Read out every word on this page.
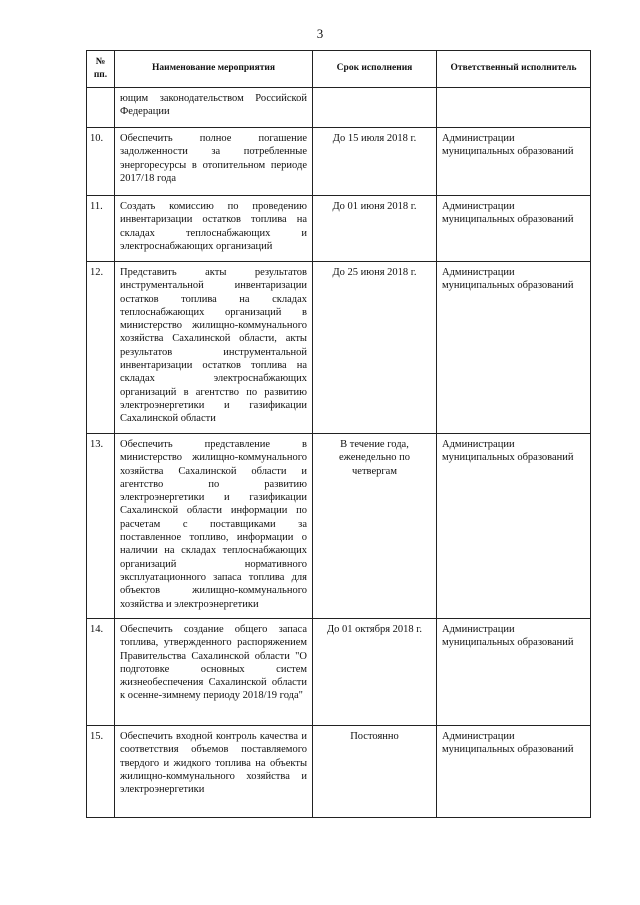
3
№ пп.	Наименование мероприятия	Срок исполнения	Ответственный исполнитель
	ющим законодательством Российской Федерации		
10.	Обеспечить полное погашение задолженности за потребленные энергоресурсы в отопительном периоде 2017/18 года	До 15 июля 2018 г.	Администрации муниципальных образований
11.	Создать комиссию по проведению инвентаризации остатков топлива на складах теплоснабжающих и электроснабжающих организаций	До 01 июня 2018 г.	Администрации муниципальных образований
12.	Представить акты результатов инструментальной инвентаризации остатков топлива на складах теплоснабжающих организаций в министерство жилищно-коммунального хозяйства Сахалинской области, акты результатов инструментальной инвентаризации остатков топлива на складах электроснабжающих организаций в агентство по развитию электроэнергетики и газификации Сахалинской области	До 25 июня 2018 г.	Администрации муниципальных образований
13.	Обеспечить представление в министерство жилищно-коммунального хозяйства Сахалинской области и агентство по развитию электроэнергетики и газификации Сахалинской области информации по расчетам с поставщиками за поставленное топливо, информации о наличии на складах теплоснабжающих организаций нормативного эксплуатационного запаса топлива для объектов жилищно-коммунального хозяйства и электроэнергетики	В течение года, еженедельно по четвергам	Администрации муниципальных образований
14.	Обеспечить создание общего запаса топлива, утвержденного распоряжением Правительства Сахалинской области "О подготовке основных систем жизнеобеспечения Сахалинской области к осенне-зимнему периоду 2018/19 года"	До 01 октября 2018 г.	Администрации муниципальных образований
15.	Обеспечить входной контроль качества и соответствия объемов поставляемого твердого и жидкого топлива на объекты жилищно-коммунального хозяйства и электроэнергетики	Постоянно	Администрации муниципальных образований
